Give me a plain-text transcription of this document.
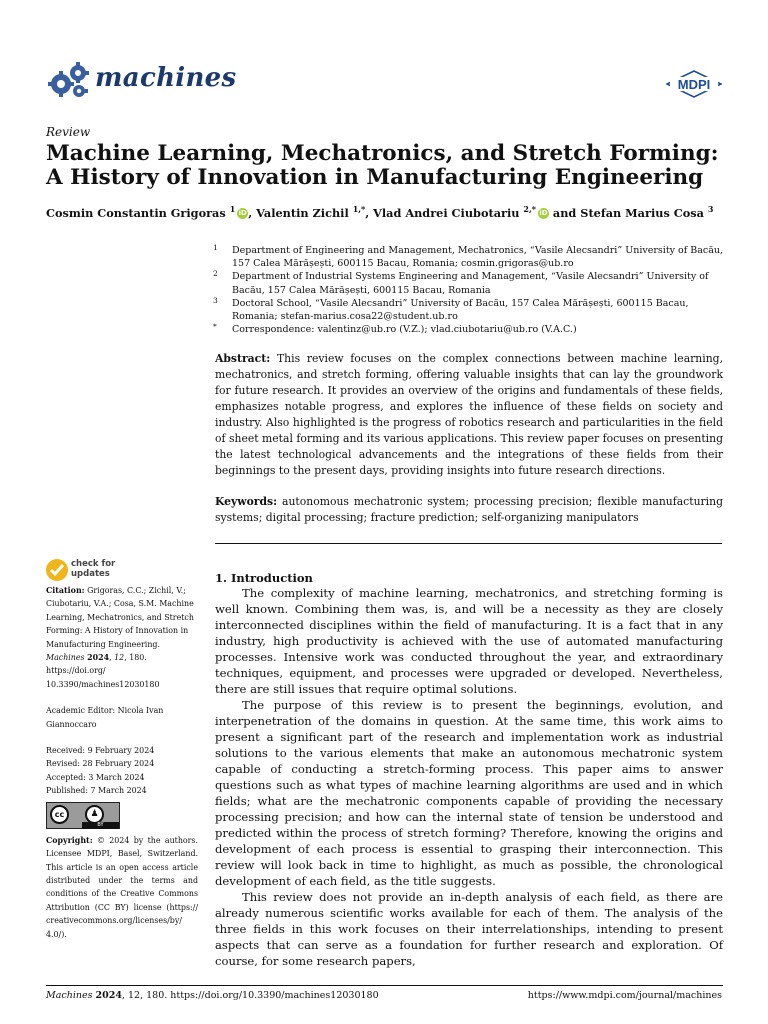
machines	MDPI
Review
Machine Learning, Mechatronics, and Stretch Forming:
A History of Innovation in Manufacturing Engineering
Cosmin Constantin Grigoras $^1$ iD, Valentin Zichil $^{1,*}$, Vlad Andrei Ciubotariu $^{2,*}$ iD and Stefan Marius Cosa $^3$
1 Department of Engineering and Management, Mechatronics, “Vasile Alecsandri” University of Bacău, 157 Calea Mărășești, 600115 Bacau, Romania; cosmin.grigoras@ub.ro
2 Department of Industrial Systems Engineering and Management, “Vasile Alecsandri” University of Bacău, 157 Calea Mărășești, 600115 Bacau, Romania
3 Doctoral School, “Vasile Alecsandri” University of Bacău, 157 Calea Mărășești, 600115 Bacau, Romania; stefan-marius.cosa22@student.ub.ro
* Correspondence: valentinz@ub.ro (V.Z.); vlad.ciubotariu@ub.ro (V.A.C.)
Abstract: This review focuses on the complex connections between machine learning, mechatronics, and stretch forming, offering valuable insights that can lay the groundwork for future research. It provides an overview of the origins and fundamentals of these fields, emphasizes notable progress, and explores the influence of these fields on society and industry. Also highlighted is the progress of robotics research and particularities in the field of sheet metal forming and its various applications. This review paper focuses on presenting the latest technological advancements and the integrations of these fields from their beginnings to the present days, providing insights into future research directions.
Keywords: autonomous mechatronic system; processing precision; flexible manufacturing systems; digital processing; fracture prediction; self-organizing manipulators
check for
updates

Citation: Grigoras, C.C.; Zichil, V.; Ciubotariu, V.A.; Cosa, S.M. Machine Learning, Mechatronics, and Stretch Forming: A History of Innovation in Manufacturing Engineering. Machines 2024, 12, 180. https://doi.org/ 10.3390/machines12030180

Academic Editor: Nicola Ivan Giannoccaro

Received: 9 February 2024

Revised: 28 February 2024

Accepted: 3 March 2024

Published: 7 March 2024

cc	♟
BY

Copyright: © 2024 by the authors. Licensee MDPI, Basel, Switzerland. This article is an open access article distributed under the terms and conditions of the Creative Commons Attribution (CC BY) license (https:// creativecommons.org/licenses/by/ 4.0/).

1. Introduction

The complexity of machine learning, mechatronics, and stretching forming is well known. Combining them was, is, and will be a necessity as they are closely interconnected disciplines within the field of manufacturing. It is a fact that in any industry, high productivity is achieved with the use of automated manufacturing processes. Intensive work was conducted throughout the year, and extraordinary techniques, equipment, and processes were upgraded or developed. Nevertheless, there are still issues that require optimal solutions.

The purpose of this review is to present the beginnings, evolution, and interpenetration of the domains in question. At the same time, this work aims to present a significant part of the research and implementation work as industrial solutions to the various elements that make an autonomous mechatronic system capable of conducting a stretch-forming process. This paper aims to answer questions such as what types of machine learning algorithms are used and in which fields; what are the mechatronic components capable of providing the necessary processing precision; and how can the internal state of tension be understood and predicted within the process of stretch forming? Therefore, knowing the origins and development of each process is essential to grasping their interconnection. This review will look back in time to highlight, as much as possible, the chronological development of each field, as the title suggests.

This review does not provide an in-depth analysis of each field, as there are already numerous scientific works available for each of them. The analysis of the three fields in this work focuses on their interrelationships, intending to present aspects that can serve as a foundation for further research and exploration. Of course, for some research papers,

Machines 2024, 12, 180. https://doi.org/10.3390/machines12030180	https://www.mdpi.com/journal/machines
